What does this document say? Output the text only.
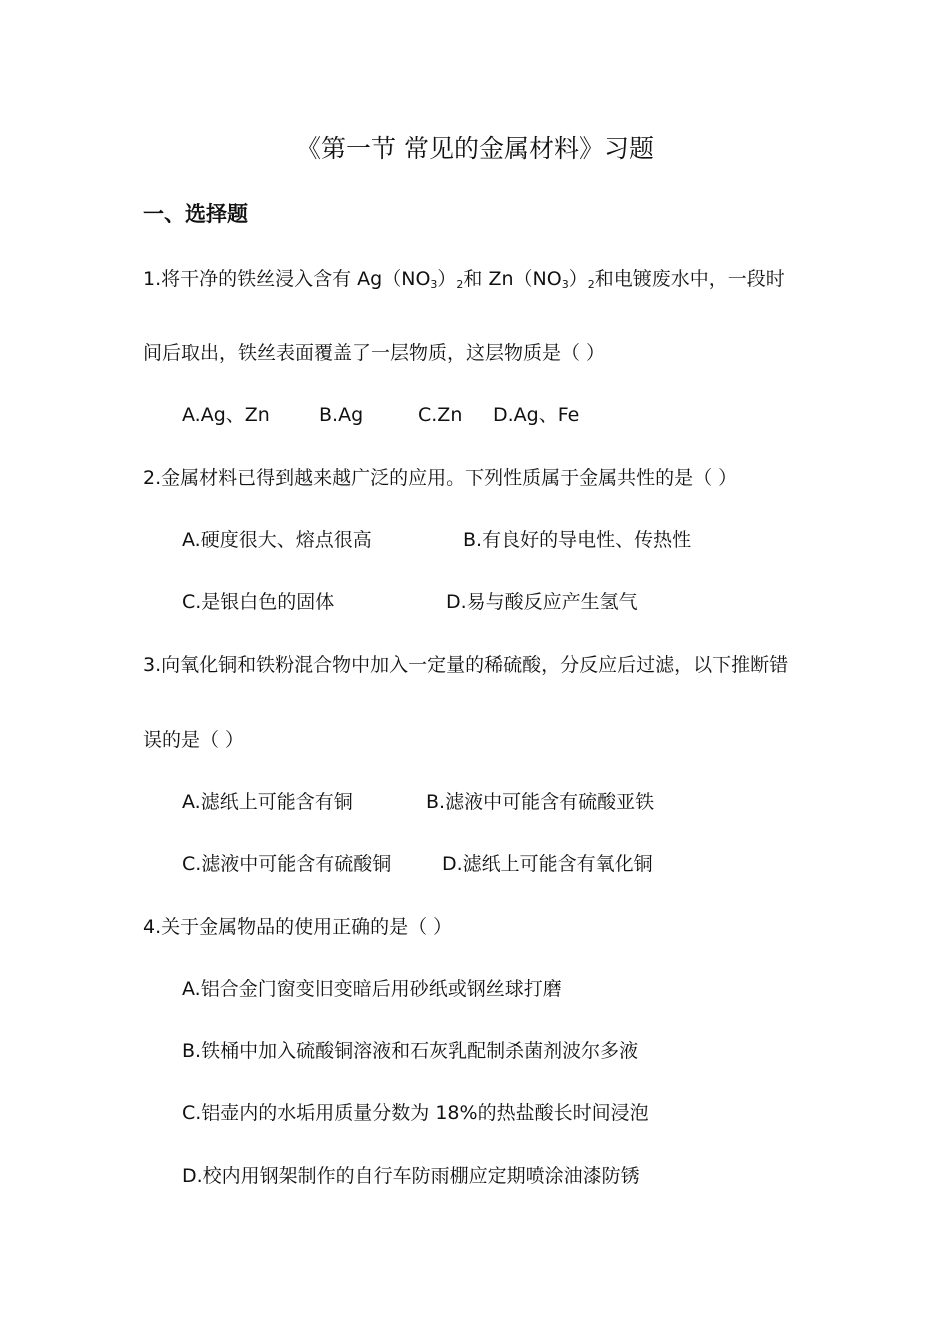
《第一节 常见的金属材料》习题
一、选择题
1.将干净的铁丝浸入含有 $Ag(NO_3)_2$和 $Zn(NO_3)_2$和电镀废水中，一段时
间后取出，铁丝表面覆盖了一层物质，这层物质是（ ）
A.Ag、Zn	B.Ag	C.Zn D.Ag、Fe
2.金属材料已得到越来越广泛的应用。下列性质属于金属共性的是（ ）
A.硬度很大、熔点很高	B.有良好的导电性、传热性
C.是银白色的固体	D.易与酸反应产生氢气
3.向氧化铜和铁粉混合物中加入一定量的稀硫酸，分反应后过滤，以下推断错
误的是（ ）
A.滤纸上可能含有铜	B.滤液中可能含有硫酸亚铁
C.滤液中可能含有硫酸铜	D.滤纸上可能含有氧化铜
4.关于金属物品的使用正确的是（ ）
A.铝合金门窗变旧变暗后用砂纸或钢丝球打磨
B.铁桶中加入硫酸铜溶液和石灰乳配制杀菌剂波尔多液
C.铝壶内的水垢用质量分数为 18%的热盐酸长时间浸泡
D.校内用钢架制作的自行车防雨棚应定期喷涂油漆防锈
